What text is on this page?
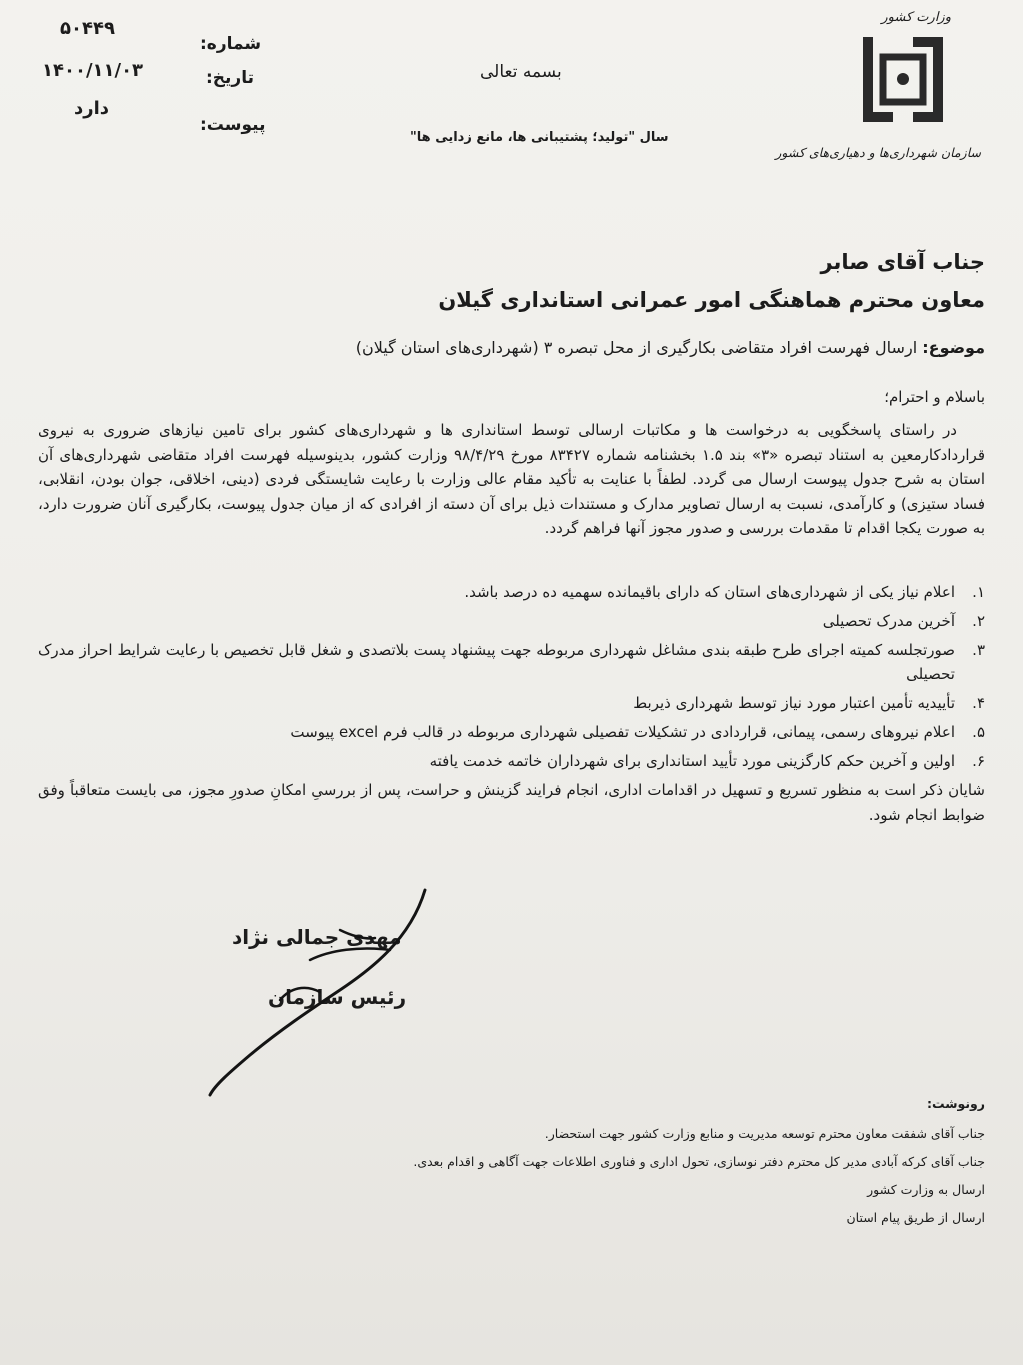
وزارت کشور
سازمان شهرداری‌ها و دهیاری‌های کشور
بسمه تعالی
سال "تولید؛ پشتیبانی ها، مانع زدایی ها"
شماره:
۵۰۴۴۹
تاریخ:
۱۴۰۰/۱۱/۰۳
پیوست:
دارد
جناب آقای صابر
معاون محترم هماهنگی امور عمرانی استانداری گیلان
موضوع: ارسال فهرست افراد متقاضی بکارگیری از محل تبصره ۳ (شهرداری‌های استان گیلان)
باسلام و احترام؛
در راستای پاسخگویی به درخواست ها و مکاتبات ارسالی توسط استانداری ها و شهرداری‌های کشور برای تامین نیازهای ضروری به نیروی قراردادکارمعین به استناد تبصره «۳» بند ۱.۵ بخشنامه شماره ۸۳۴۲۷ مورخ ۹۸/۴/۲۹ وزارت کشور، بدینوسیله فهرست افراد متقاضی شهرداری‌های آن استان به شرح جدول پیوست ارسال می گردد. لطفاً با عنایت به تأکید مقام عالی وزارت با رعایت شایستگی فردی (دینی، اخلاقی، جوان بودن، انقلابی، فساد ستیزی) و کارآمدی، نسبت به ارسال تصاویر مدارک و مستندات ذیل برای آن دسته از افرادی که از میان جدول پیوست، بکارگیری آنان ضرورت دارد، به صورت یکجا اقدام تا مقدمات بررسی و صدور مجوز آنها فراهم گردد.
۱.
اعلام نیاز یکی از شهرداری‌های استان که دارای باقیمانده سهمیه ده درصد باشد.
۲.
آخرین مدرک تحصیلی
۳.
صورتجلسه کمیته اجرای طرح طبقه بندی مشاغل شهرداری مربوطه جهت پیشنهاد پست بلاتصدی و شغل قابل تخصیص با رعایت شرایط احراز مدرک تحصیلی
۴.
تأییدیه تأمین اعتبار مورد نیاز توسط شهرداری ذیربط
۵.
اعلام نیروهای رسمی، پیمانی، قراردادی در تشکیلات تفصیلی شهرداری مربوطه در قالب فرم excel پیوست
۶.
اولین و آخرین حکم کارگزینی مورد تأیید استانداری برای شهرداران خاتمه خدمت یافته
شایان ذکر است به منظور تسریع و تسهیل در اقدامات اداری، انجام فرایند گزینش و حراست، پس از بررسیِ امکانِ صدورِ مجوز، می بایست متعاقباً وفق ضوابط انجام شود.
مهدی جمالی نژاد
رئیس سازمان
رونوشت:
جناب آقای شفقت معاون محترم توسعه مدیریت و منابع وزارت کشور جهت استحضار.
جناب آقای کرکه آبادی مدیر کل محترم دفتر نوسازی، تحول اداری و فناوری اطلاعات جهت آگاهی و اقدام بعدی.
ارسال به وزارت کشور
ارسال از طریق پیام استان
